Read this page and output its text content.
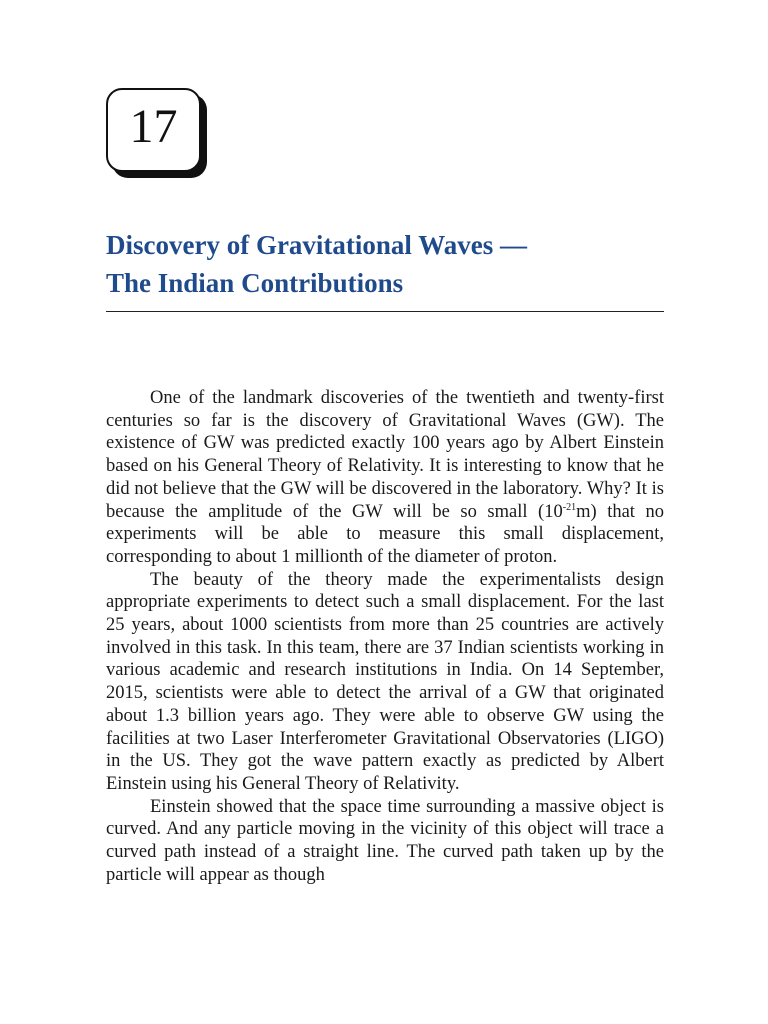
17
Discovery of Gravitational Waves —
The Indian Contributions

One of the landmark discoveries of the twentieth and twenty-first centuries so far is the discovery of Gravitational Waves (GW). The existence of GW was predicted exactly 100 years ago by Albert Einstein based on his General Theory of Relativity. It is interesting to know that he did not believe that the GW will be discovered in the laboratory. Why? It is because the amplitude of the GW will be so small $(10^{-21}m)$ that no experiments will be able to measure this small displacement, corresponding to about 1 millionth of the diameter of proton.

The beauty of the theory made the experimentalists design appropriate experiments to detect such a small displacement. For the last 25 years, about 1000 scientists from more than 25 countries are actively involved in this task. In this team, there are 37 Indian scientists working in various academic and research institutions in India. On 14 September, 2015, scientists were able to detect the arrival of a GW that originated about 1.3 billion years ago. They were able to observe GW using the facilities at two Laser Interferometer Gravitational Observatories (LIGO) in the US. They got the wave pattern exactly as predicted by Albert Einstein using his General Theory of Relativity.

Einstein showed that the space time surrounding a massive object is curved. And any particle moving in the vicinity of this object will trace a curved path instead of a straight line. The curved path taken up by the particle will appear as though
